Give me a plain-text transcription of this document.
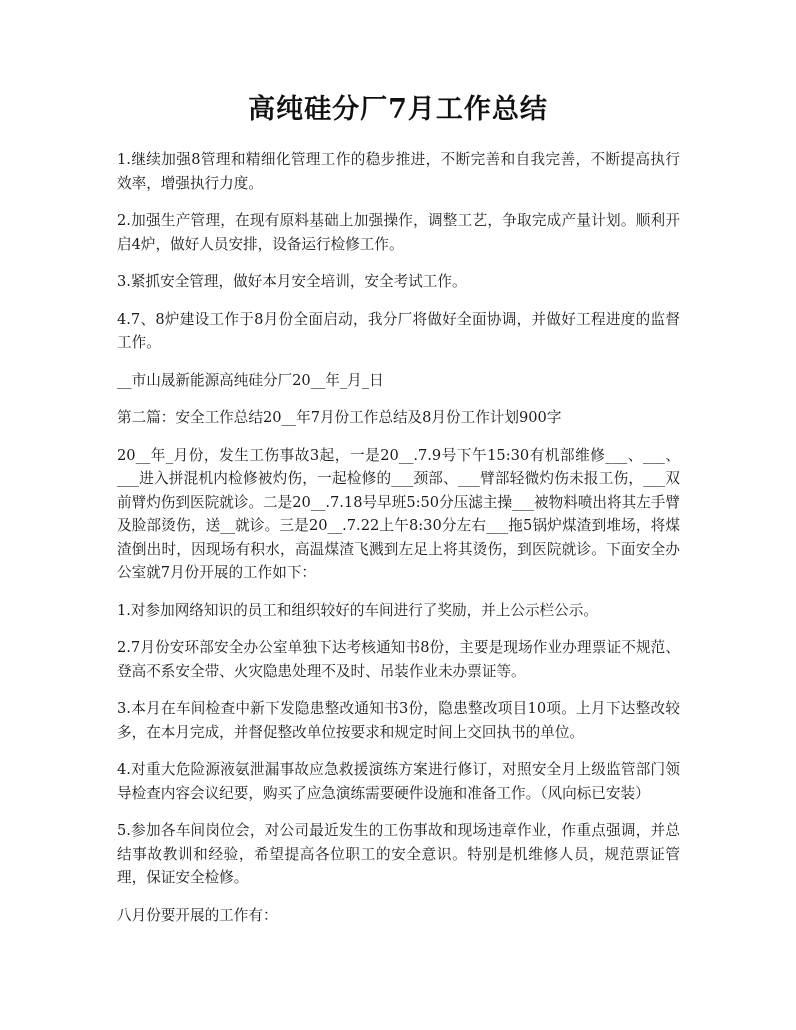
高纯硅分厂7月工作总结

1.继续加强8管理和精细化管理工作的稳步推进，不断完善和自我完善，不断提高执行效率，增强执行力度。

2.加强生产管理，在现有原料基础上加强操作，调整工艺，争取完成产量计划。顺利开启4炉，做好人员安排，设备运行检修工作。

3.紧抓安全管理，做好本月安全培训，安全考试工作。

4.7、8炉建设工作于8月份全面启动，我分厂将做好全面协调，并做好工程进度的监督工作。

__市山晟新能源高纯硅分厂20__年_月_日

第二篇：安全工作总结20__年7月份工作总结及8月份工作计划900字

20__年_月份，发生工伤事故3起，一是20__.7.9号下午15:30有机部维修___、___、___进入拼混机内检修被灼伤，一起检修的___颈部、___臂部轻微灼伤未报工伤，___双前臂灼伤到医院就诊。二是20__.7.18号早班5:50分压滤主操___被物料喷出将其左手臂及脸部烫伤，送__就诊。三是20__.7.22上午8:30分左右___拖5锅炉煤渣到堆场，将煤渣倒出时，因现场有积水，高温煤渣飞溅到左足上将其烫伤，到医院就诊。下面安全办公室就7月份开展的工作如下：

1.对参加网络知识的员工和组织较好的车间进行了奖励，并上公示栏公示。

2.7月份安环部安全办公室单独下达考核通知书8份，主要是现场作业办理票证不规范、登高不系安全带、火灾隐患处理不及时、吊装作业未办票证等。

3.本月在车间检查中新下发隐患整改通知书3份，隐患整改项目10项。上月下达整改较多，在本月完成，并督促整改单位按要求和规定时间上交回执书的单位。

4.对重大危险源液氨泄漏事故应急救援演练方案进行修订，对照安全月上级监管部门领导检查内容会议纪要，购买了应急演练需要硬件设施和准备工作。（风向标已安装）

5.参加各车间岗位会，对公司最近发生的工伤事故和现场违章作业，作重点强调，并总结事故教训和经验，希望提高各位职工的安全意识。特别是机维修人员，规范票证管理，保证安全检修。

八月份要开展的工作有：
